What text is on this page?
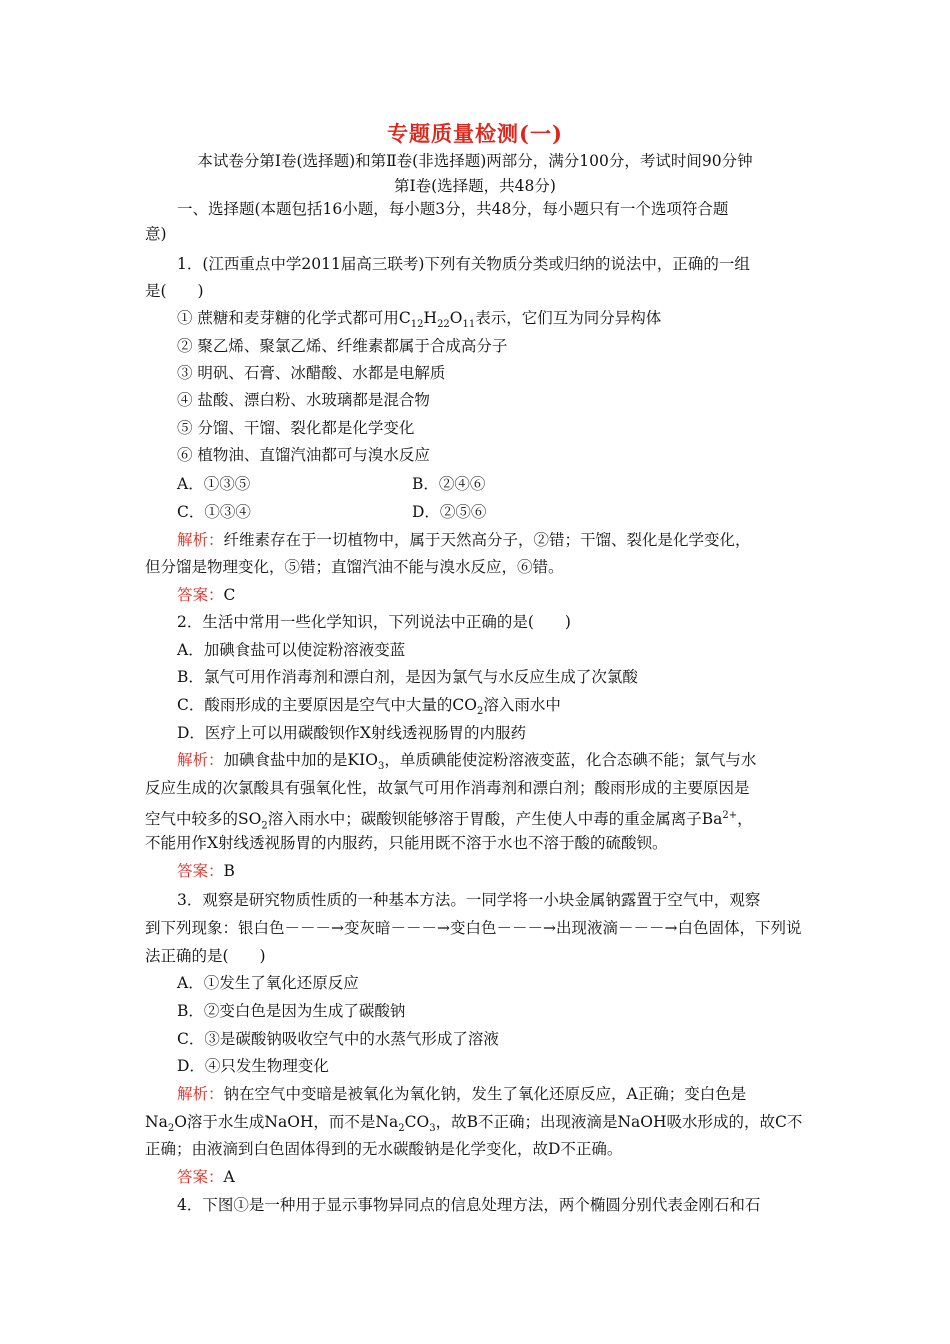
专题质量检测(一)
本试卷分第Ⅰ卷(选择题)和第Ⅱ卷(非选择题)两部分，满分100分，考试时间90分钟
第Ⅰ卷(选择题，共48分)
一、选择题(本题包括16小题，每小题3分，共48分，每小题只有一个选项符合题
意)
1．(江西重点中学2011届高三联考)下列有关物质分类或归纳的说法中，正确的一组
是(　　)
① 蔗糖和麦芽糖的化学式都可用$C_{12}H_{22}O_{11}$表示，它们互为同分异构体
② 聚乙烯、聚氯乙烯、纤维素都属于合成高分子
③ 明矾、石膏、冰醋酸、水都是电解质
④ 盐酸、漂白粉、水玻璃都是混合物
⑤ 分馏、干馏、裂化都是化学变化
⑥ 植物油、直馏汽油都可与溴水反应
A．①③⑤	B．②④⑥
C．①③④	D．②⑤⑥
解析：纤维素存在于一切植物中，属于天然高分子，②错；干馏、裂化是化学变化，
但分馏是物理变化，⑤错；直馏汽油不能与溴水反应，⑥错。
答案：C
2．生活中常用一些化学知识，下列说法中正确的是(　　)
A．加碘食盐可以使淀粉溶液变蓝
B．氯气可用作消毒剂和漂白剂，是因为氯气与水反应生成了次氯酸
C．酸雨形成的主要原因是空气中大量的$CO_2$溶入雨水中
D．医疗上可以用碳酸钡作X射线透视肠胃的内服药
解析：加碘食盐中加的是$KIO_3$，单质碘能使淀粉溶液变蓝，化合态碘不能；氯气与水
反应生成的次氯酸具有强氧化性，故氯气可用作消毒剂和漂白剂；酸雨形成的主要原因是
空气中较多的$SO_2$溶入雨水中；碳酸钡能够溶于胃酸，产生使人中毒的重金属离子$Ba^{2+}$，
不能用作X射线透视肠胃的内服药，只能用既不溶于水也不溶于酸的硫酸钡。
答案：B
3．观察是研究物质性质的一种基本方法。一同学将一小块金属钠露置于空气中，观察
到下列现象：银白色－－－→变灰暗－－－→变白色－－－→出现液滴－－－→白色固体，下列说
法正确的是(　　)
A．①发生了氧化还原反应
B．②变白色是因为生成了碳酸钠
C．③是碳酸钠吸收空气中的水蒸气形成了溶液
D．④只发生物理变化
解析：钠在空气中变暗是被氧化为氧化钠，发生了氧化还原反应，A正确；变白色是
$Na_2O$溶于水生成NaOH，而不是$Na_2CO_3$，故B不正确；出现液滴是NaOH吸水形成的，故C不
正确；由液滴到白色固体得到的无水碳酸钠是化学变化，故D不正确。
答案：A
4．下图①是一种用于显示事物异同点的信息处理方法，两个椭圆分别代表金刚石和石
